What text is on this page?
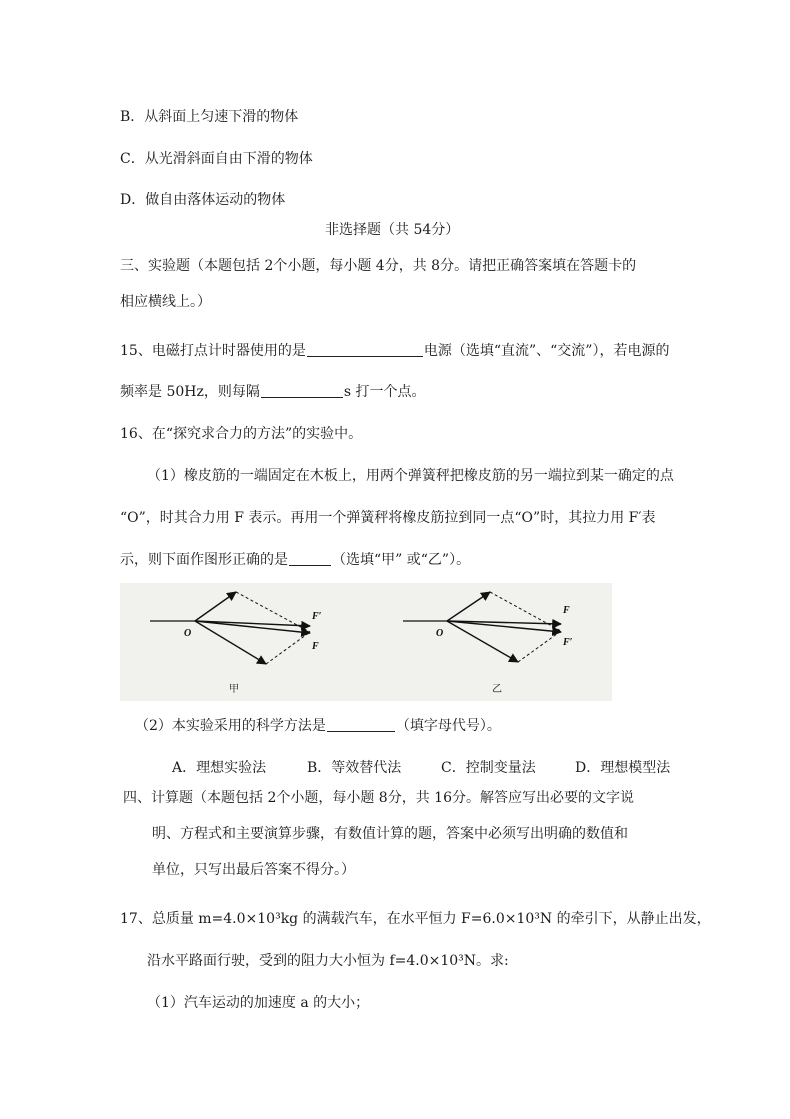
B．从斜面上匀速下滑的物体
C．从光滑斜面自由下滑的物体
D．做自由落体运动的物体
非选择题（共 54分）
三、实验题（本题包括 2个小题，每小题 4分，共 8分。请把正确答案填在答题卡的
相应横线上。）
15、电磁打点计时器使用的是	电源（选填“直流”、“交流”），若电源的
频率是 50Hz，则每隔	s 打一个点。
16、在“探究求合力的方法”的实验中。
（1）橡皮筋的一端固定在木板上，用两个弹簧秤把橡皮筋的另一端拉到某一确定的点
“O”，时其合力用 F 表示。再用一个弹簧秤将橡皮筋拉到同一点“O”时，其拉力用 F′表
示，则下面作图形正确的是	（选填“甲” 或“乙”）。
O
F′
F
甲
O
F
F′
乙
（2）本实验采用的科学方法是	（填字母代号）。
A．理想实验法	B．等效替代法	C．控制变量法	D．理想模型法
四、计算题（本题包括 2个小题，每小题 8分，共 16分。解答应写出必要的文字说
明、方程式和主要演算步骤，有数值计算的题，答案中必须写出明确的数值和
单位，只写出最后答案不得分。）
17、总质量 m=4.0×10³kg 的满载汽车，在水平恒力 F=6.0×10³N 的牵引下，从静止出发，
沿水平路面行驶，受到的阻力大小恒为 f=4.0×10³N。求:
（1）汽车运动的加速度 a 的大小；
